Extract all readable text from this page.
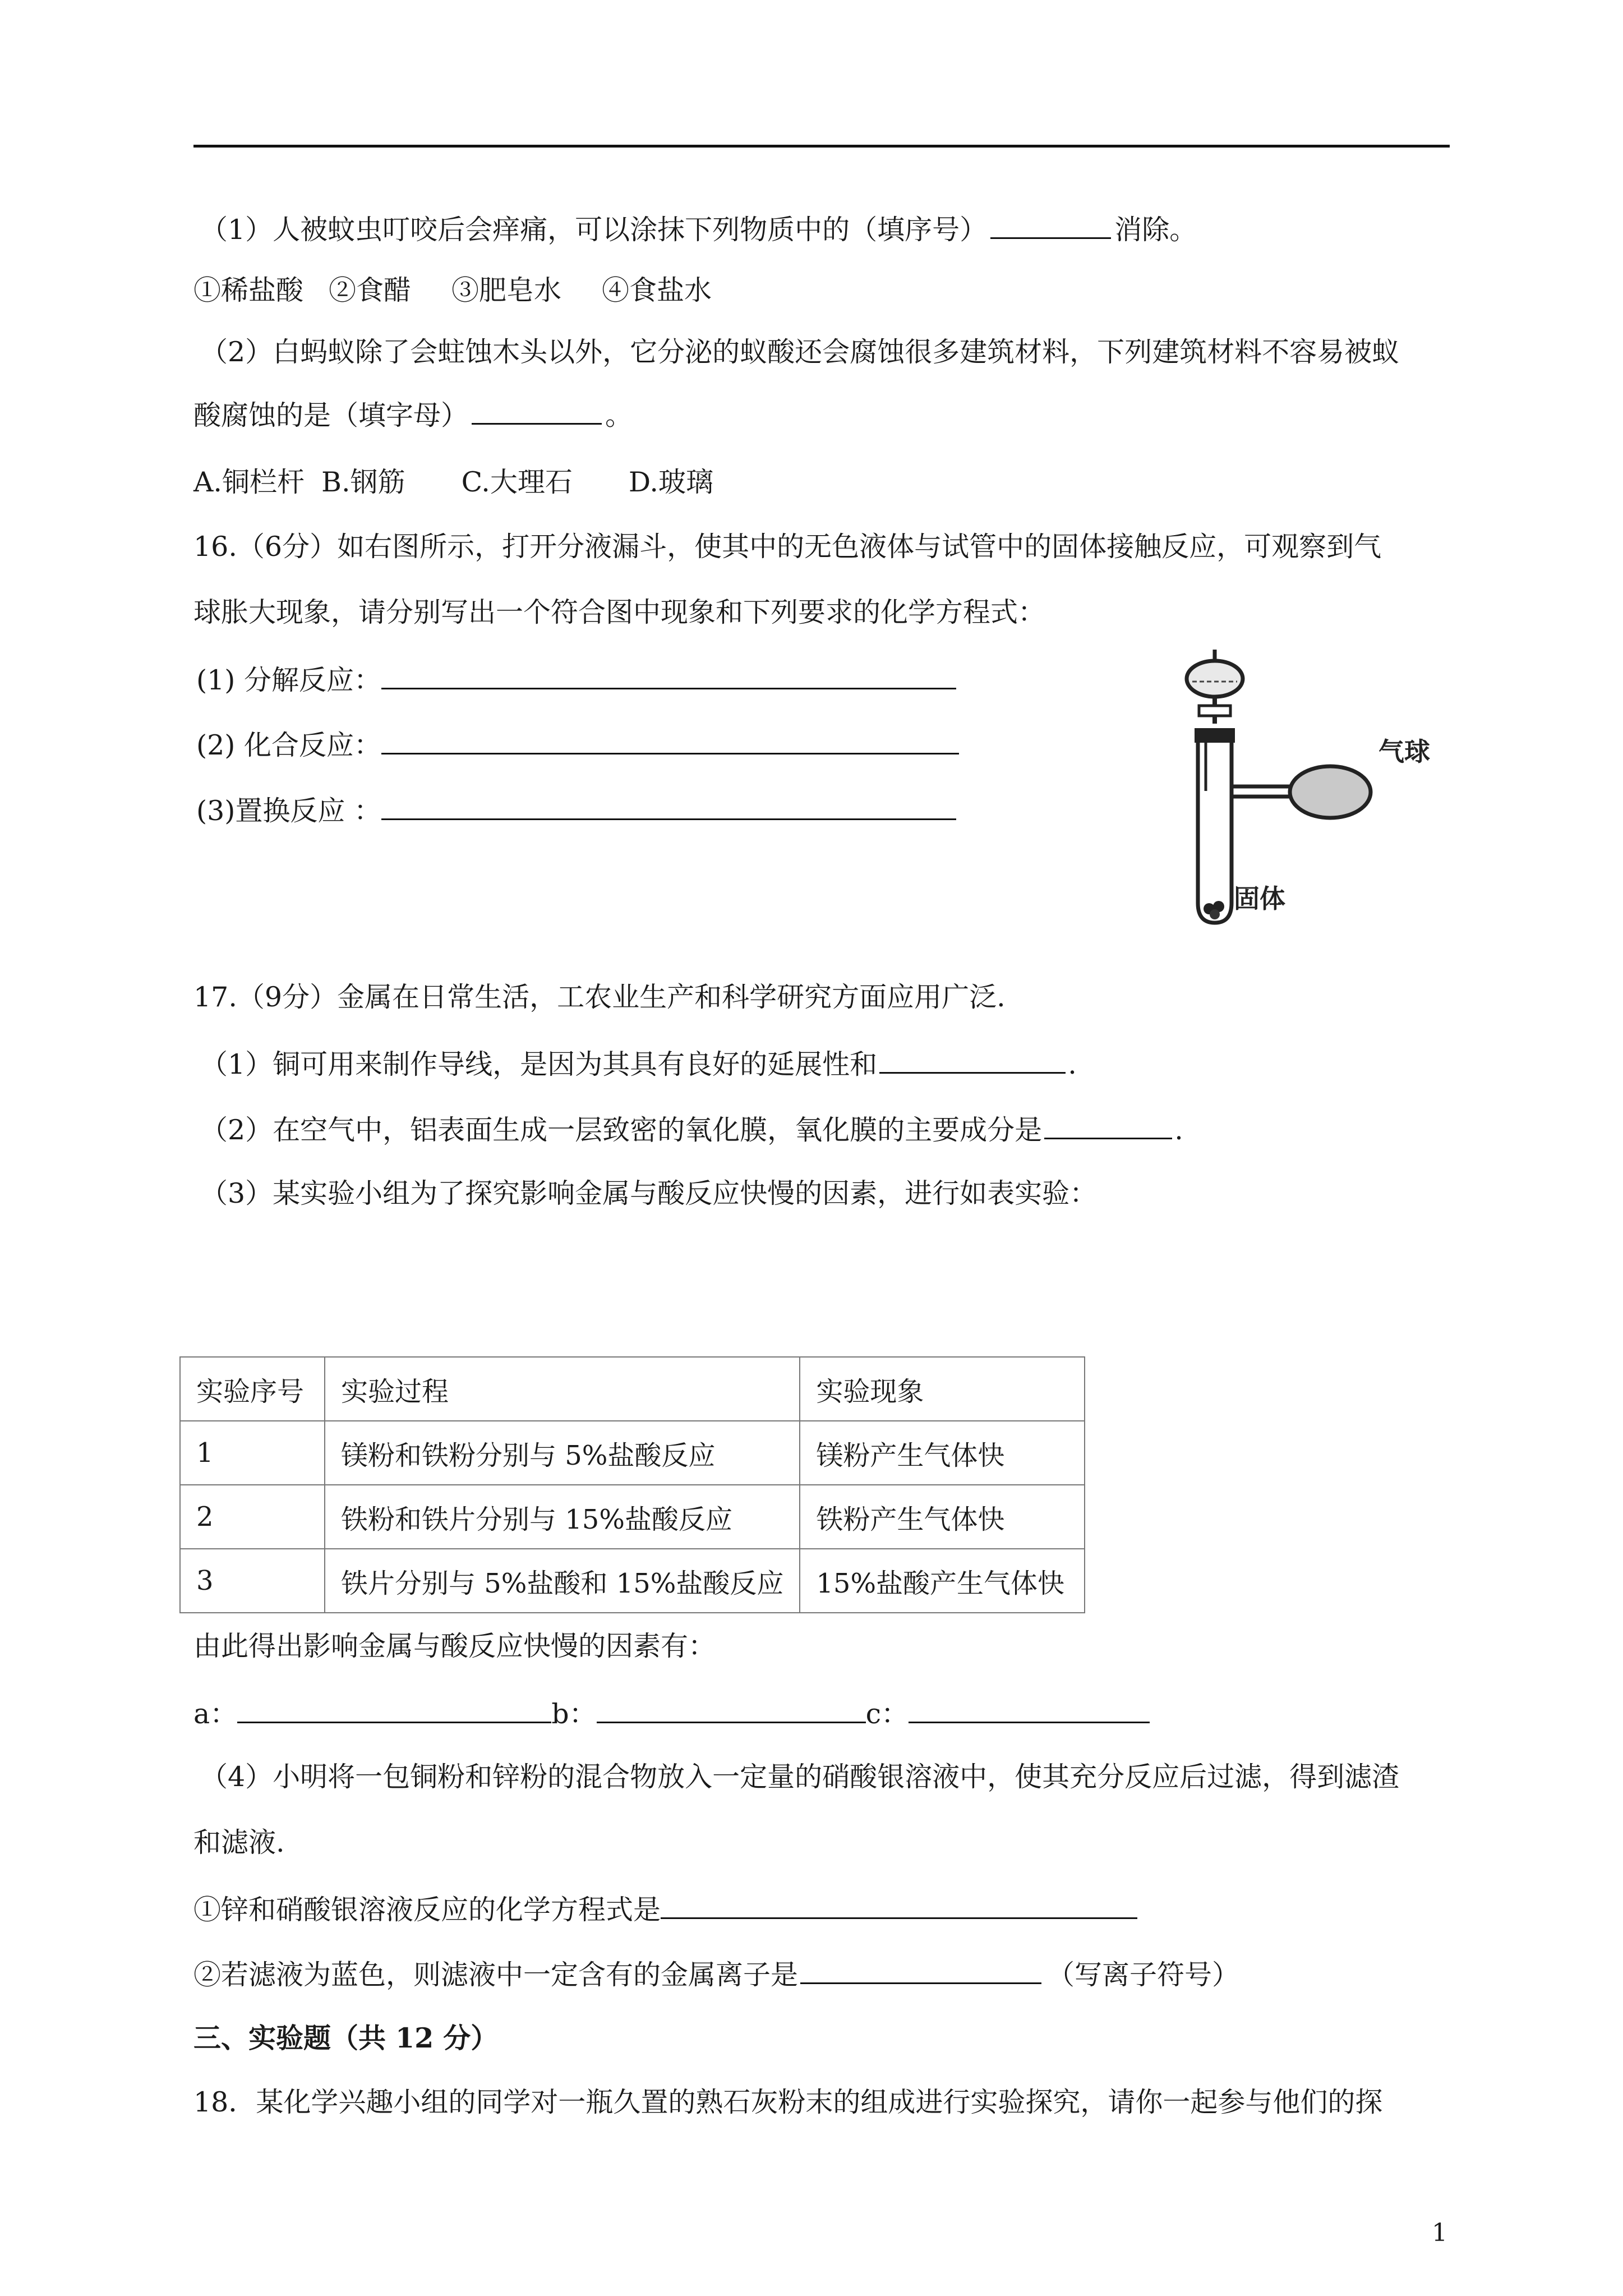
（1）人被蚊虫叮咬后会痒痛，可以涂抹下列物质中的（填序号）	消除。
①稀盐酸 ②食醋 ③肥皂水 ④食盐水
（2）白蚂蚁除了会蛀蚀木头以外，它分泌的蚁酸还会腐蚀很多建筑材料，下列建筑材料不容易被蚁
酸腐蚀的是（填字母）	。
A.铜栏杆 B.钢筋 C.大理石 D.玻璃
16.（6分）如右图所示，打开分液漏斗，使其中的无色液体与试管中的固体接触反应，可观察到气
球胀大现象，请分别写出一个符合图中现象和下列要求的化学方程式：
(1) 分解反应：
(2) 化合反应：
(3)置换反应 ：
气球
固体
17.（9分）金属在日常生活，工农业生产和科学研究方面应用广泛.
（1）铜可用来制作导线，是因为其具有良好的延展性和	.
（2）在空气中，铝表面生成一层致密的氧化膜，氧化膜的主要成分是	.
（3）某实验小组为了探究影响金属与酸反应快慢的因素，进行如表实验：
实验序号	实验过程	实验现象
1	镁粉和铁粉分别与 5%盐酸反应	镁粉产生气体快
2	铁粉和铁片分别与 15%盐酸反应	铁粉产生气体快
3	铁片分别与 5%盐酸和 15%盐酸反应	15%盐酸产生气体快
由此得出影响金属与酸反应快慢的因素有：
a：	b：	c：
（4）小明将一包铜粉和锌粉的混合物放入一定量的硝酸银溶液中，使其充分反应后过滤，得到滤渣
和滤液.
①锌和硝酸银溶液反应的化学方程式是
②若滤液为蓝色，则滤液中一定含有的金属离子是	（写离子符号）
三、实验题（共 12 分）
18．某化学兴趣小组的同学对一瓶久置的熟石灰粉末的组成进行实验探究，请你一起参与他们的探
1
